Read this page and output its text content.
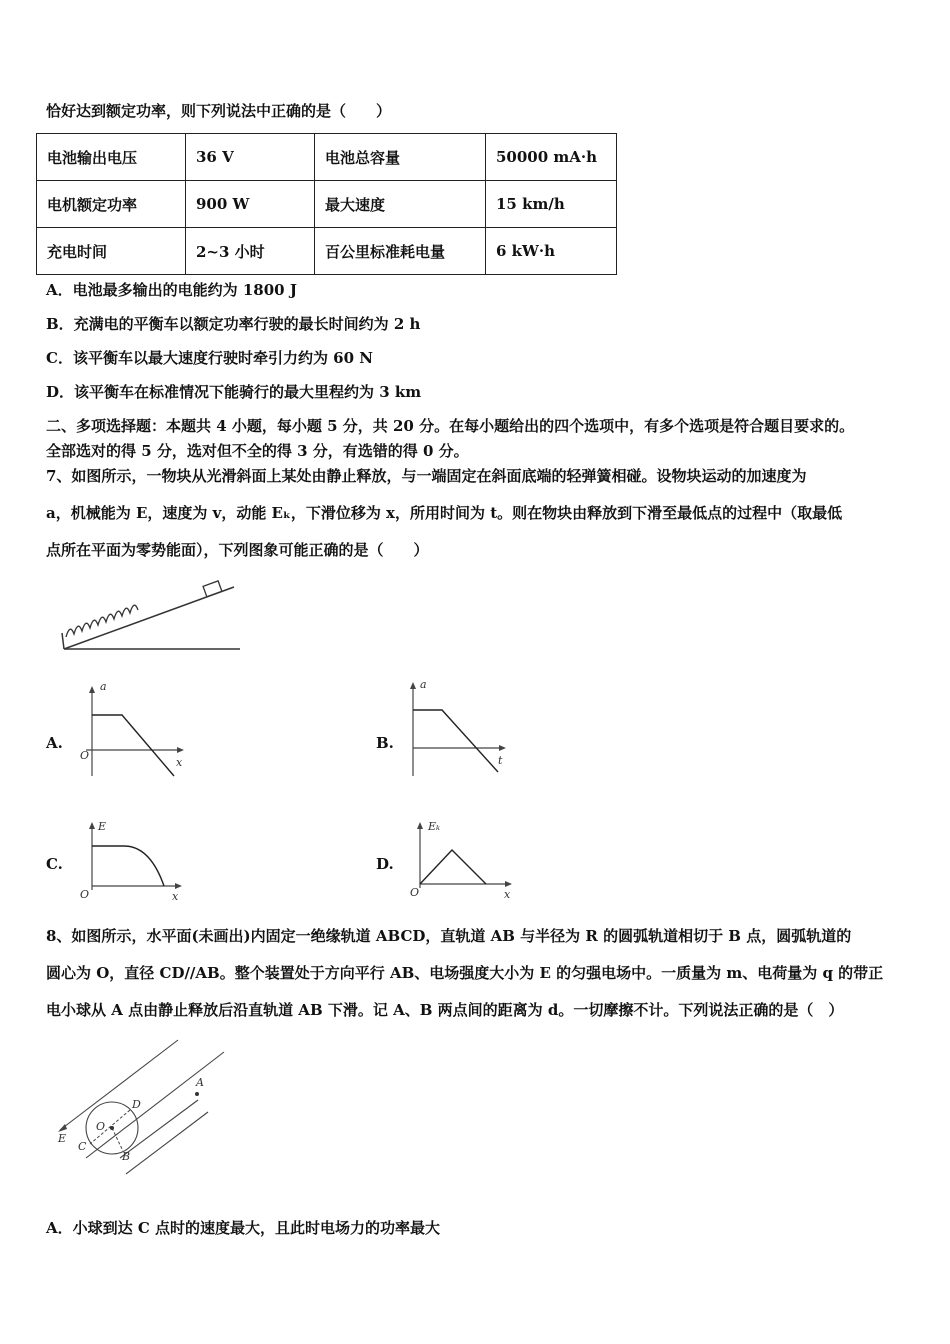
恰好达到额定功率，则下列说法中正确的是（　　）
电池输出电压	36 V	电池总容量	50000 mA·h
电机额定功率	900 W	最大速度	15 km/h
充电时间	2~3 小时	百公里标准耗电量	6 kW·h
A．电池最多输出的电能约为 1800 J
B．充满电的平衡车以额定功率行驶的最长时间约为 2 h
C．该平衡车以最大速度行驶时牵引力约为 60 N
D．该平衡车在标准情况下能骑行的最大里程约为 3 km
二、多项选择题：本题共 4 小题，每小题 5 分，共 20 分。在每小题给出的四个选项中，有多个选项是符合题目要求的。
全部选对的得 5 分，选对但不全的得 3 分，有选错的得 0 分。
7、如图所示，一物块从光滑斜面上某处由静止释放，与一端固定在斜面底端的轻弹簧相碰。设物块运动的加速度为
a，机械能为 E，速度为 v，动能 Eₖ，下滑位移为 x，所用时间为 t。则在物块由释放到下滑至最低点的过程中（取最低
点所在平面为零势能面），下列图象可能正确的是（　　）
A.
a
O
x
B.
a
t
C.
E
O	x
D.
Eₖ
O	x
8、如图所示，水平面(未画出)内固定一绝缘轨道 ABCD，直轨道 AB 与半径为 R 的圆弧轨道相切于 B 点，圆弧轨道的
圆心为 O，直径 CD//AB。整个装置处于方向平行 AB、电场强度大小为 E 的匀强电场中。一质量为 m、电荷量为 q 的带正
电小球从 A 点由静止释放后沿直轨道 AB 下滑。记 A、B 两点间的距离为 d。一切摩擦不计。下列说法正确的是（　）
A
B
C
D
E
O
A．小球到达 C 点时的速度最大，且此时电场力的功率最大
